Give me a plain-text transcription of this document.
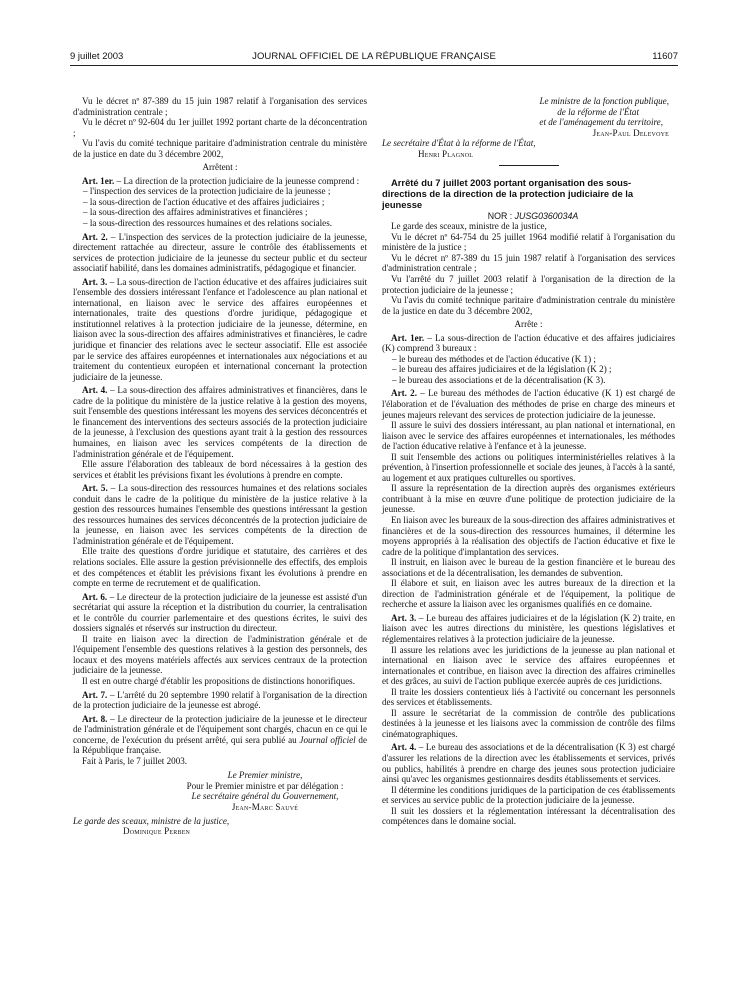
9 juillet 2003	JOURNAL OFFICIEL DE LA RÉPUBLIQUE FRANÇAISE	11607

Vu le décret nº 87-389 du 15 juin 1987 relatif à l'organisation des services d'administration centrale ;

Vu le décret nº 92-604 du 1er juillet 1992 portant charte de la déconcentration ;

Vu l'avis du comité technique paritaire d'administration centrale du ministère de la justice en date du 3 décembre 2002,

Arrêtent :

Art. 1er. – La direction de la protection judiciaire de la jeunesse comprend :

– l'inspection des services de la protection judiciaire de la jeunesse ;
– la sous-direction de l'action éducative et des affaires judiciaires ;
– la sous-direction des affaires administratives et financières ;
– la sous-direction des ressources humaines et des relations sociales.

Art. 2. – L'inspection des services de la protection judiciaire de la jeunesse, directement rattachée au directeur, assure le contrôle des établissements et services de protection judiciaire de la jeunesse du secteur public et du secteur associatif habilité, dans les domaines administratifs, pédagogique et financier.

Art. 3. – La sous-direction de l'action éducative et des affaires judiciaires suit l'ensemble des dossiers intéressant l'enfance et l'adolescence au plan national et international, en liaison avec le service des affaires européennes et internationales, traite des questions d'ordre juridique, pédagogique et institutionnel relatives à la protection judiciaire de la jeunesse, détermine, en liaison avec la sous-direction des affaires administratives et financières, le cadre juridique et financier des relations avec le secteur associatif. Elle est associée par le service des affaires européennes et internationales aux négociations et au traitement du contentieux européen et international concernant la protection judiciaire de la jeunesse.

Art. 4. – La sous-direction des affaires administratives et financières, dans le cadre de la politique du ministère de la justice relative à la gestion des moyens, suit l'ensemble des questions intéressant les moyens des services déconcentrés et le financement des interventions des secteurs associés de la protection judiciaire de la jeunesse, à l'exclusion des questions ayant trait à la gestion des ressources humaines, en liaison avec les services compétents de la direction de l'administration générale et de l'équipement.

Elle assure l'élaboration des tableaux de bord nécessaires à la gestion des services et établit les prévisions fixant les évolutions à prendre en compte.

Art. 5. – La sous-direction des ressources humaines et des relations sociales conduit dans le cadre de la politique du ministère de la justice relative à la gestion des ressources humaines l'ensemble des questions intéressant la gestion des ressources humaines des services déconcentrés de la protection judiciaire de la jeunesse, en liaison avec les services compétents de la direction de l'administration générale et de l'équipement.

Elle traite des questions d'ordre juridique et statutaire, des carrières et des relations sociales. Elle assure la gestion prévisionnelle des effectifs, des emplois et des compétences et établit les prévisions fixant les évolutions à prendre en compte en terme de recrutement et de qualification.

Art. 6. – Le directeur de la protection judiciaire de la jeunesse est assisté d'un secrétariat qui assure la réception et la distribution du courrier, la centralisation et le contrôle du courrier parlementaire et des questions écrites, le suivi des dossiers signalés et réservés sur instruction du directeur.

Il traite en liaison avec la direction de l'administration générale et de l'équipement l'ensemble des questions relatives à la gestion des personnels, des locaux et des moyens matériels affectés aux services centraux de la protection judiciaire de la jeunesse.

Il est en outre chargé d'établir les propositions de distinctions honorifiques.

Art. 7. – L'arrêté du 20 septembre 1990 relatif à l'organisation de la direction de la protection judiciaire de la jeunesse est abrogé.

Art. 8. – Le directeur de la protection judiciaire de la jeunesse et le directeur de l'administration générale et de l'équipement sont chargés, chacun en ce qui le concerne, de l'exécution du présent arrêté, qui sera publié au Journal officiel de la République française.

Fait à Paris, le 7 juillet 2003.

Le Premier ministre,

Pour le Premier ministre et par délégation :

Le secrétaire général du Gouvernement,

Jean-Marc Sauvé

Le garde des sceaux, ministre de la justice,

Dominique Perben

Le ministre de la fonction publique,

de la réforme de l'État

et de l'aménagement du territoire,

Jean-Paul Delevoye

Le secrétaire d'État à la réforme de l'État,

Henri Plagnol

Arrêté du 7 juillet 2003 portant organisation des sous-directions de la direction de la protection judiciaire de la jeunesse

NOR : JUSG0360034A

Le garde des sceaux, ministre de la justice,

Vu le décret nº 64-754 du 25 juillet 1964 modifié relatif à l'organisation du ministère de la justice ;

Vu le décret nº 87-389 du 15 juin 1987 relatif à l'organisation des services d'administration centrale ;

Vu l'arrêté du 7 juillet 2003 relatif à l'organisation de la direction de la protection judiciaire de la jeunesse ;

Vu l'avis du comité technique paritaire d'administration centrale du ministère de la justice en date du 3 décembre 2002,

Arrête :

Art. 1er. – La sous-direction de l'action éducative et des affaires judiciaires (K) comprend 3 bureaux :

– le bureau des méthodes et de l'action éducative (K 1) ;
– le bureau des affaires judiciaires et de la législation (K 2) ;
– le bureau des associations et de la décentralisation (K 3).

Art. 2. – Le bureau des méthodes de l'action éducative (K 1) est chargé de l'élaboration et de l'évaluation des méthodes de prise en charge des mineurs et jeunes majeurs relevant des services de protection judiciaire de la jeunesse.

Il assure le suivi des dossiers intéressant, au plan national et international, en liaison avec le service des affaires européennes et internationales, les méthodes de l'action éducative relative à l'enfance et à la jeunesse.

Il suit l'ensemble des actions ou politiques interministérielles relatives à la prévention, à l'insertion professionnelle et sociale des jeunes, à l'accès à la santé, au logement et aux pratiques culturelles ou sportives.

Il assure la représentation de la direction auprès des organismes extérieurs contribuant à la mise en œuvre d'une politique de protection judiciaire de la jeunesse.

En liaison avec les bureaux de la sous-direction des affaires administratives et financières et de la sous-direction des ressources humaines, il détermine les moyens appropriés à la réalisation des objectifs de l'action éducative et fixe le cadre de la politique d'implantation des services.

Il instruit, en liaison avec le bureau de la gestion financière et le bureau des associations et de la décentralisation, les demandes de subvention.

Il élabore et suit, en liaison avec les autres bureaux de la direction et la direction de l'administration générale et de l'équipement, la politique de recherche et assure la liaison avec les organismes qualifiés en ce domaine.

Art. 3. – Le bureau des affaires judiciaires et de la législation (K 2) traite, en liaison avec les autres directions du ministère, les questions législatives et réglementaires relatives à la protection judiciaire de la jeunesse.

Il assure les relations avec les juridictions de la jeunesse au plan national et international en liaison avec le service des affaires européennes et internationales et contribue, en liaison avec la direction des affaires criminelles et des grâces, au suivi de l'action publique exercée auprès de ces juridictions.

Il traite les dossiers contentieux liés à l'activité ou concernant les personnels des services et établissements.

Il assure le secrétariat de la commission de contrôle des publications destinées à la jeunesse et les liaisons avec la commission de contrôle des films cinématographiques.

Art. 4. – Le bureau des associations et de la décentralisation (K 3) est chargé d'assurer les relations de la direction avec les établissements et services, privés ou publics, habilités à prendre en charge des jeunes sous protection judiciaire ainsi qu'avec les organismes gestionnaires desdits établissements et services.

Il détermine les conditions juridiques de la participation de ces établissements et services au service public de la protection judiciaire de la jeunesse.

Il suit les dossiers et la réglementation intéressant la décentralisation des compétences dans le domaine social.
